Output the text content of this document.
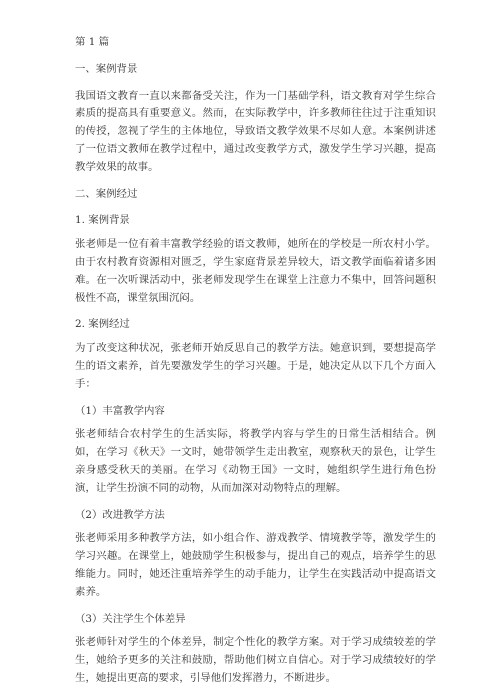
第 1 篇

一、案例背景

我国语文教育一直以来都备受关注，作为一门基础学科，语文教育对学生综合素质的提高具有重要意义。然而，在实际教学中，许多教师往往过于注重知识的传授，忽视了学生的主体地位，导致语文教学效果不尽如人意。本案例讲述了一位语文教师在教学过程中，通过改变教学方式，激发学生学习兴趣，提高教学效果的故事。

二、案例经过

1. 案例背景

张老师是一位有着丰富教学经验的语文教师，她所在的学校是一所农村小学。由于农村教育资源相对匮乏，学生家庭背景差异较大，语文教学面临着诸多困难。在一次听课活动中，张老师发现学生在课堂上注意力不集中，回答问题积极性不高，课堂氛围沉闷。

2. 案例经过

为了改变这种状况，张老师开始反思自己的教学方法。她意识到，要想提高学生的语文素养，首先要激发学生的学习兴趣。于是，她决定从以下几个方面入手：

（1）丰富教学内容

张老师结合农村学生的生活实际，将教学内容与学生的日常生活相结合。例如，在学习《秋天》一文时，她带领学生走出教室，观察秋天的景色，让学生亲身感受秋天的美丽。在学习《动物王国》一文时，她组织学生进行角色扮演，让学生扮演不同的动物，从而加深对动物特点的理解。

（2）改进教学方法

张老师采用多种教学方法，如小组合作、游戏教学、情境教学等，激发学生的学习兴趣。在课堂上，她鼓励学生积极参与，提出自己的观点，培养学生的思维能力。同时，她还注重培养学生的动手能力，让学生在实践活动中提高语文素养。

（3）关注学生个体差异

张老师针对学生的个体差异，制定个性化的教学方案。对于学习成绩较差的学生，她给予更多的关注和鼓励，帮助他们树立自信心。对于学习成绩较好的学生，她提出更高的要求，引导他们发挥潜力，不断进步。
